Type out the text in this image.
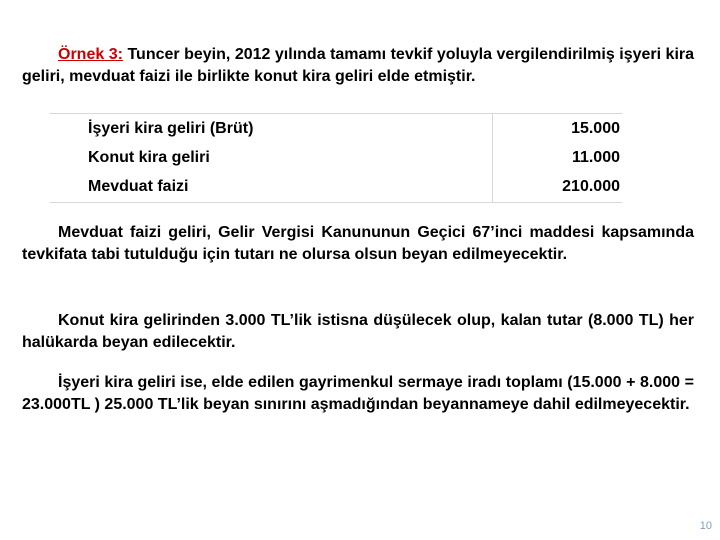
Örnek 3: Tuncer beyin, 2012 yılında tamamı tevkif yoluyla vergilendirilmiş işyeri kira geliri, mevduat faizi ile birlikte konut kira geliri elde etmiştir.

İşyeri kira geliri (Brüt)	15.000
Konut kira geliri	11.000
Mevduat faizi	210.000

Mevduat faizi geliri, Gelir Vergisi Kanununun Geçici 67’inci maddesi kapsamında tevkifata tabi tutulduğu için tutarı ne olursa olsun beyan edilmeyecektir.

Konut kira gelirinden 3.000 TL’lik istisna düşülecek olup, kalan tutar (8.000 TL) her halükarda beyan edilecektir.

İşyeri kira geliri ise, elde edilen gayrimenkul sermaye iradı toplamı (15.000 + 8.000 = 23.000TL ) 25.000 TL’lik beyan sınırını aşmadığından beyannameye dahil edilmeyecektir.

10
